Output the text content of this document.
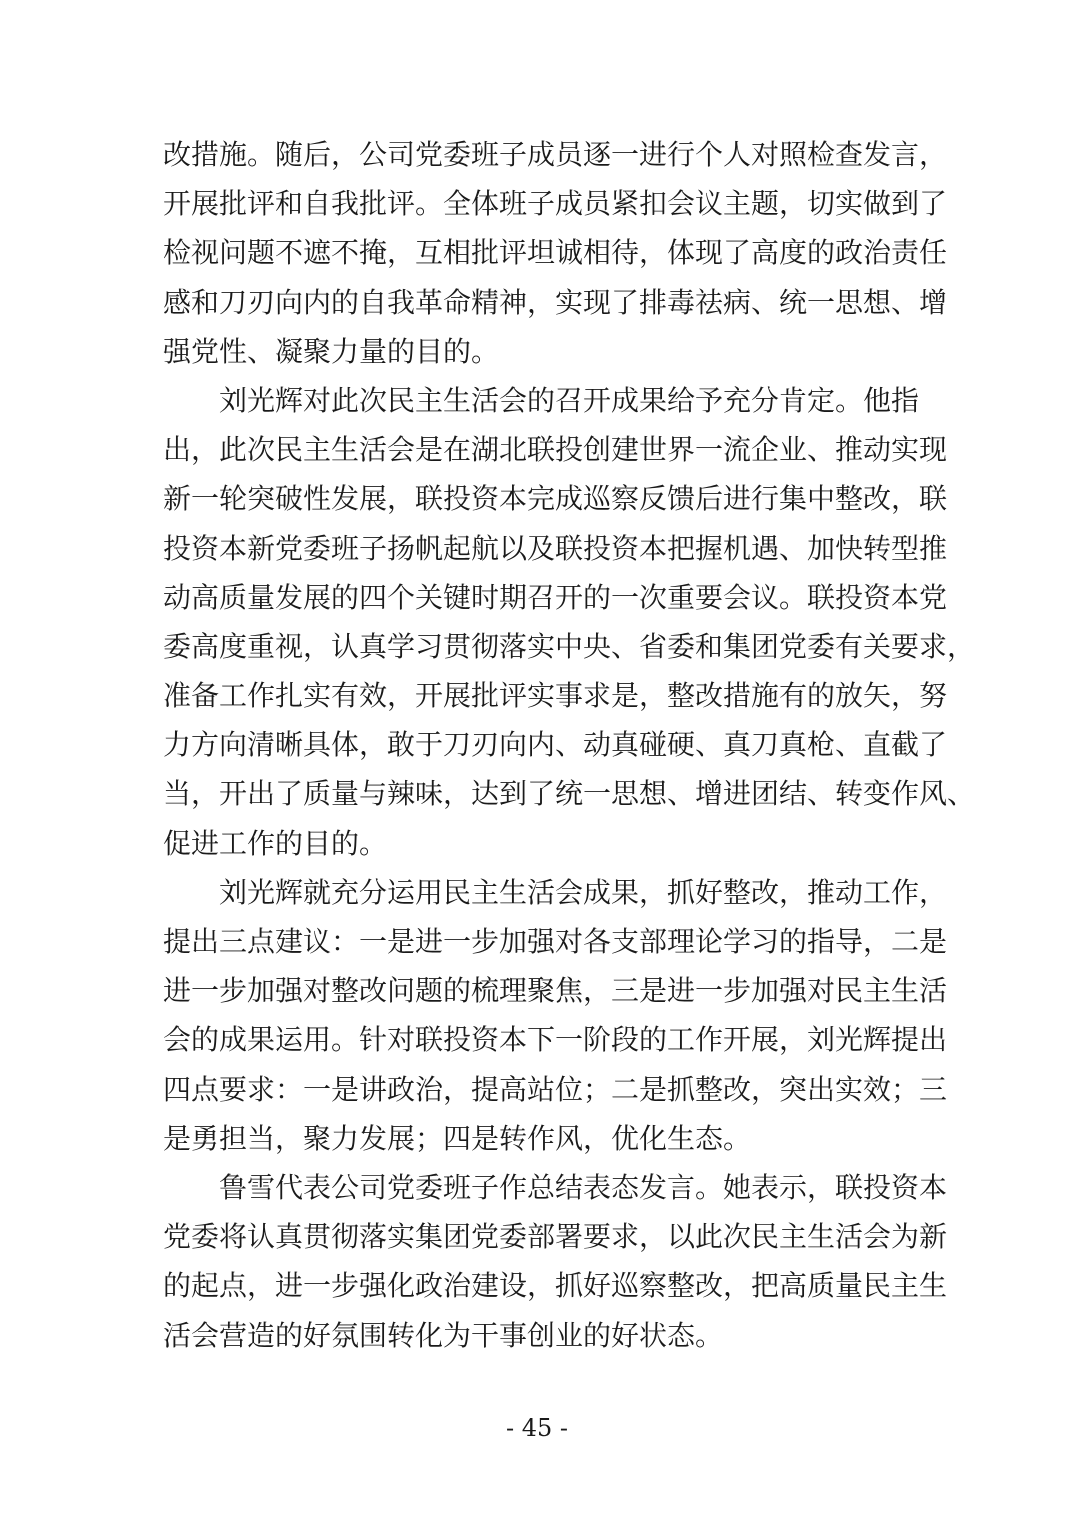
改措施。随后，公司党委班子成员逐一进行个人对照检查发言，
开展批评和自我批评。全体班子成员紧扣会议主题，切实做到了
检视问题不遮不掩，互相批评坦诚相待，体现了高度的政治责任
感和刀刃向内的自我革命精神，实现了排毒祛病、统一思想、增
强党性、凝聚力量的目的。
刘光辉对此次民主生活会的召开成果给予充分肯定。他指
出，此次民主生活会是在湖北联投创建世界一流企业、推动实现
新一轮突破性发展，联投资本完成巡察反馈后进行集中整改，联
投资本新党委班子扬帆起航以及联投资本把握机遇、加快转型推
动高质量发展的四个关键时期召开的一次重要会议。联投资本党
委高度重视，认真学习贯彻落实中央、省委和集团党委有关要求，
准备工作扎实有效，开展批评实事求是，整改措施有的放矢，努
力方向清晰具体，敢于刀刃向内、动真碰硬、真刀真枪、直截了
当，开出了质量与辣味，达到了统一思想、增进团结、转变作风、
促进工作的目的。
刘光辉就充分运用民主生活会成果，抓好整改，推动工作，
提出三点建议：一是进一步加强对各支部理论学习的指导，二是
进一步加强对整改问题的梳理聚焦，三是进一步加强对民主生活
会的成果运用。针对联投资本下一阶段的工作开展，刘光辉提出
四点要求：一是讲政治，提高站位；二是抓整改，突出实效；三
是勇担当，聚力发展；四是转作风，优化生态。
鲁雪代表公司党委班子作总结表态发言。她表示，联投资本
党委将认真贯彻落实集团党委部署要求，以此次民主生活会为新
的起点，进一步强化政治建设，抓好巡察整改，把高质量民主生
活会营造的好氛围转化为干事创业的好状态。
- 45 -
